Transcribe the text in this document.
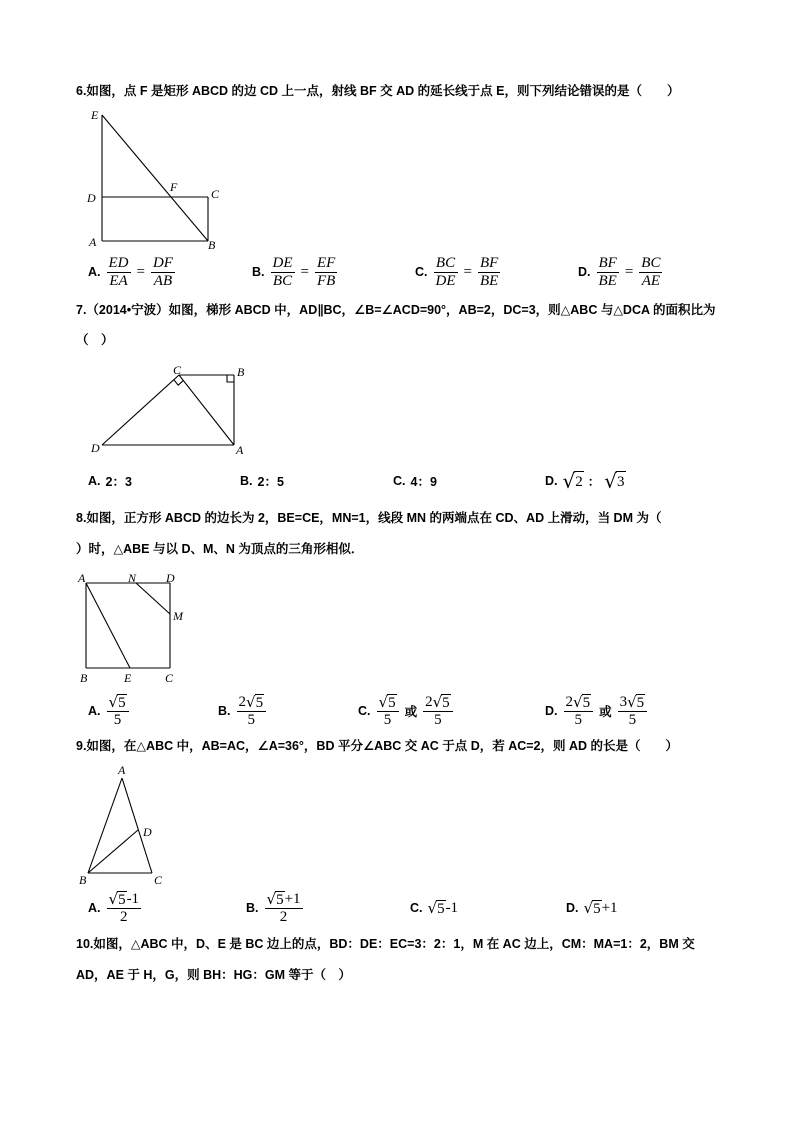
6.如图，点 F 是矩形 ABCD 的边 CD 上一点，射线 BF 交 AD 的延长线于点 E，则下列结论错误的是（　　）
E
D
F	C
A	B
A. $\frac{ED}{EA} = \frac{DF}{AB}$	B. $\frac{DE}{BC} = \frac{EF}{FB}$	C. $\frac{BC}{DE} = \frac{BF}{BE}$	D. $\frac{BF}{BE} = \frac{BC}{AE}$
7.（2014•宁波）如图，梯形 ABCD 中，AD∥BC，∠B=∠ACD=90°，AB=2，DC=3，则△ABC 与△DCA 的面积比为
（　）
C	B
A
D
A. 2：3	B. 2：5	C. 4：9	D. √ 2 ： √ 3
8.如图，正方形 ABCD 的边长为 2，BE=CE，MN=1，线段 MN 的两端点在 CD、AD 上滑动，当 DM 为（
）时，△ABE 与以 D、M、N 为顶点的三角形相似．
A	N D
M
B	E	C
A. $\frac{√ 5}{5}$	B. $\frac{2 √ 5}{5}$	C. $\frac{√ 5}{5}$ 或 $\frac{2 √ 5}{5}$	D. $\frac{2 √ 5}{5}$ 或 $\frac{3 √ 5}{5}$
9.如图，在△ABC 中，AB=AC，∠A=36°，BD 平分∠ABC 交 AC 于点 D，若 AC=2，则 AD 的长是（　　）
A
D
B	C
A. $\frac{√ 5 -1}{2}$	B. $\frac{√ 5 +1}{2}$	C. √ 5 -1	D. √ 5 +1
10.如图，△ABC 中，D、E 是 BC 边上的点，BD：DE：EC=3：2：1，M 在 AC 边上，CM：MA=1：2，BM 交
AD，AE 于 H，G，则 BH：HG：GM 等于（　）
